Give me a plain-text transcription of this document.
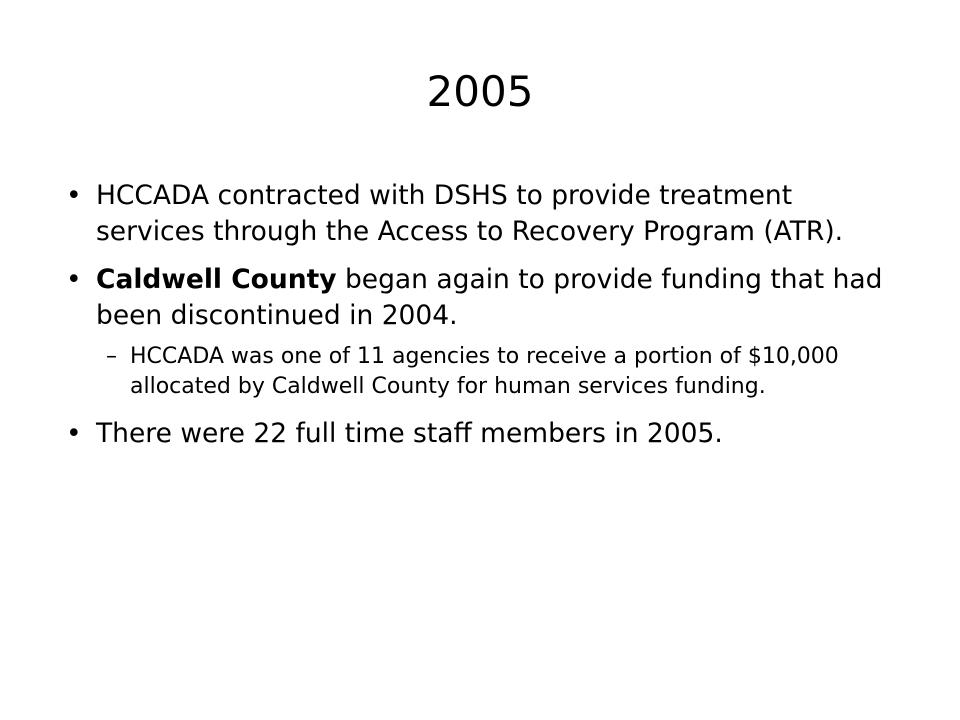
2005
• HCCADA contracted with DSHS to provide treatment services through the Access to Recovery Program (ATR).
• Caldwell County began again to provide funding that had been discontinued in 2004.
– HCCADA was one of 11 agencies to receive a portion of $10,000 allocated by Caldwell County for human services funding.
• There were 22 full time staff members in 2005.
